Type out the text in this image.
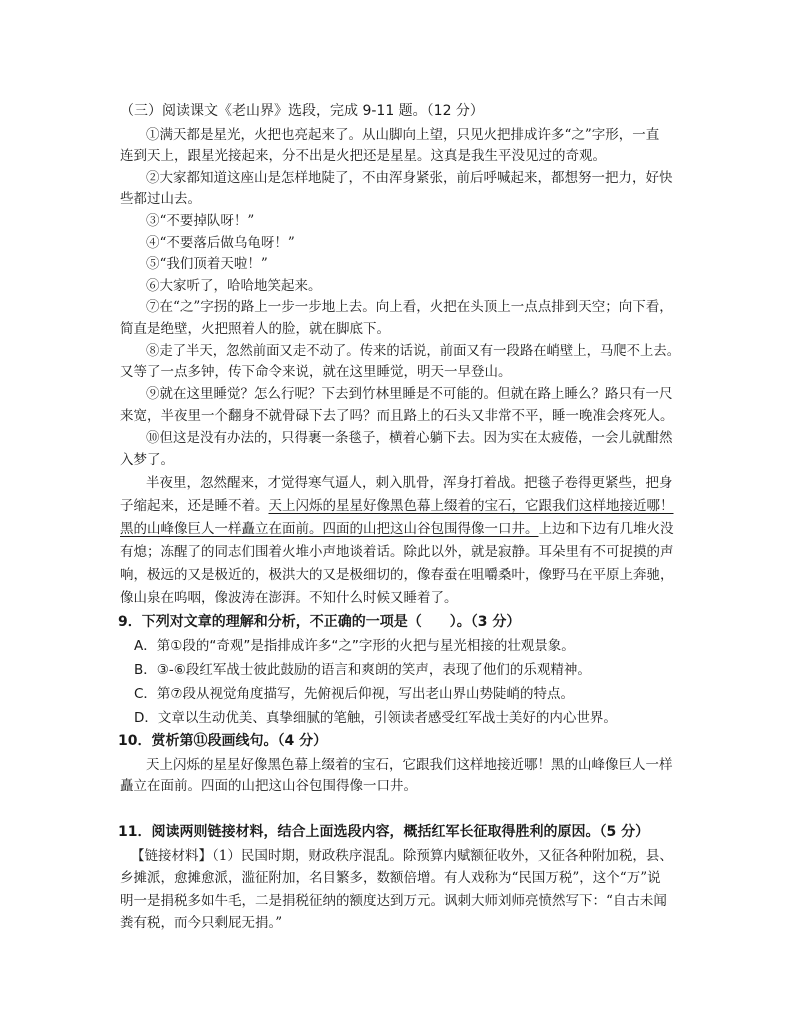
（三）阅读课文《老山界》选段，完成 9-11 题。（12 分）
①满天都是星光，火把也亮起来了。从山脚向上望，只见火把排成许多“之”字形，一直
连到天上，跟星光接起来，分不出是火把还是星星。这真是我生平没见过的奇观。
②大家都知道这座山是怎样地陡了，不由浑身紧张，前后呼喊起来，都想努一把力，好快
些都过山去。
③“不要掉队呀！”
④“不要落后做乌龟呀！”
⑤“我们顶着天啦！”
⑥大家听了，哈哈地笑起来。
⑦在“之”字拐的路上一步一步地上去。向上看，火把在头顶上一点点排到天空；向下看，
简直是绝壁，火把照着人的脸，就在脚底下。
⑧走了半天，忽然前面又走不动了。传来的话说，前面又有一段路在峭壁上，马爬不上去。
又等了一点多钟，传下命令来说，就在这里睡觉，明天一早登山。
⑨就在这里睡觉？怎么行呢？下去到竹林里睡是不可能的。但就在路上睡么？路只有一尺
来宽，半夜里一个翻身不就骨碌下去了吗？而且路上的石头又非常不平，睡一晚准会疼死人。
⑩但这是没有办法的，只得裹一条毯子，横着心躺下去。因为实在太疲倦，一会儿就酣然
入梦了。
半夜里，忽然醒来，才觉得寒气逼人，刺入肌骨，浑身打着战。把毯子卷得更紧些，把身
子缩起来，还是睡不着。天上闪烁的星星好像黑色幕上缀着的宝石，它跟我们这样地接近哪！
黑的山峰像巨人一样矗立在面前。四面的山把这山谷包围得像一口井。上边和下边有几堆火没
有熄；冻醒了的同志们围着火堆小声地谈着话。除此以外，就是寂静。耳朵里有不可捉摸的声
响，极远的又是极近的，极洪大的又是极细切的，像春蚕在咀嚼桑叶，像野马在平原上奔驰，
像山泉在呜咽，像波涛在澎湃。不知什么时候又睡着了。
9．下列对文章的理解和分析，不正确的一项是（　　）。（3 分）
A．第①段的“奇观”是指排成许多“之”字形的火把与星光相接的壮观景象。
B．③-⑥段红军战士彼此鼓励的语言和爽朗的笑声，表现了他们的乐观精神。
C．第⑦段从视觉角度描写，先俯视后仰视，写出老山界山势陡峭的特点。
D．文章以生动优美、真挚细腻的笔触，引领读者感受红军战士美好的内心世界。
10．赏析第⑪段画线句。（4 分）
天上闪烁的星星好像黑色幕上缀着的宝石，它跟我们这样地接近哪！黑的山峰像巨人一样
矗立在面前。四面的山把这山谷包围得像一口井。
11．阅读两则链接材料，结合上面选段内容，概括红军长征取得胜利的原因。（5 分）
【链接材料】（1）民国时期，财政秩序混乱。除预算内赋额征收外，又征各种附加税，县、
乡摊派，愈摊愈派，滥征附加，名目繁多，数额倍增。有人戏称为“民国万税”，这个“万”说
明一是捐税多如牛毛，二是捐税征纳的额度达到万元。讽刺大师刘师亮愤然写下：“自古未闻
粪有税，而今只剩屁无捐。”
